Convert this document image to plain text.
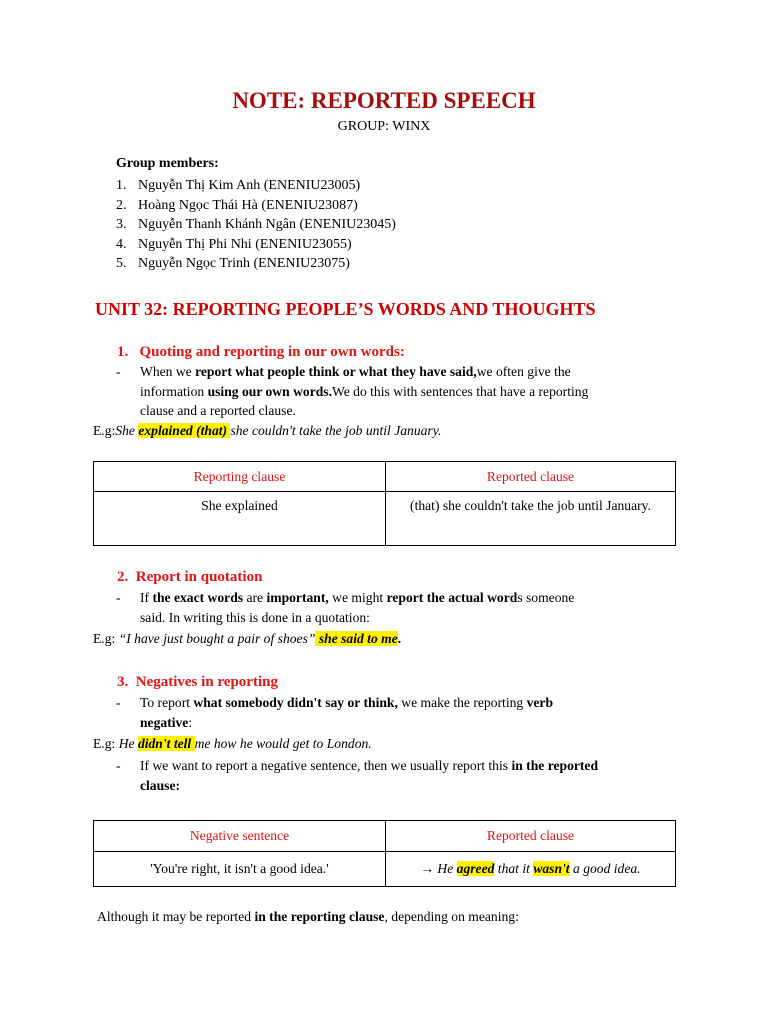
NOTE: REPORTED SPEECH
GROUP: WINX
Group members:
1. Nguyễn Thị Kim Anh (ENENIU23005)
2. Hoàng Ngọc Thái Hà (ENENIU23087)
3. Nguyễn Thanh Khánh Ngân (ENENIU23045)
4. Nguyễn Thị Phi Nhi (ENENIU23055)
5. Nguyễn Ngọc Trinh (ENENIU23075)
UNIT 32: REPORTING PEOPLE’S WORDS AND THOUGHTS
1. Quoting and reporting in our own words:
- When we report what people think or what they have said,we often give the
information using our own words.We do this with sentences that have a reporting
clause and a reported clause.
E.g:She explained (that) she couldn't take the job until January.
Reporting clause	Reported clause
She explained	(that) she couldn't take the job until January.
2. Report in quotation
- If the exact words are important, we might report the actual words someone
said. In writing this is done in a quotation:
E.g: “I have just bought a pair of shoes” she said to me.
3. Negatives in reporting
- To report what somebody didn't say or think, we make the reporting verb
negative:
E.g: He didn't tell me how he would get to London.
- If we want to report a negative sentence, then we usually report this in the reported
clause:
Negative sentence	Reported clause
'You're right, it isn't a good idea.'	→ He agreed that it wasn't a good idea.
Although it may be reported in the reporting clause, depending on meaning:
